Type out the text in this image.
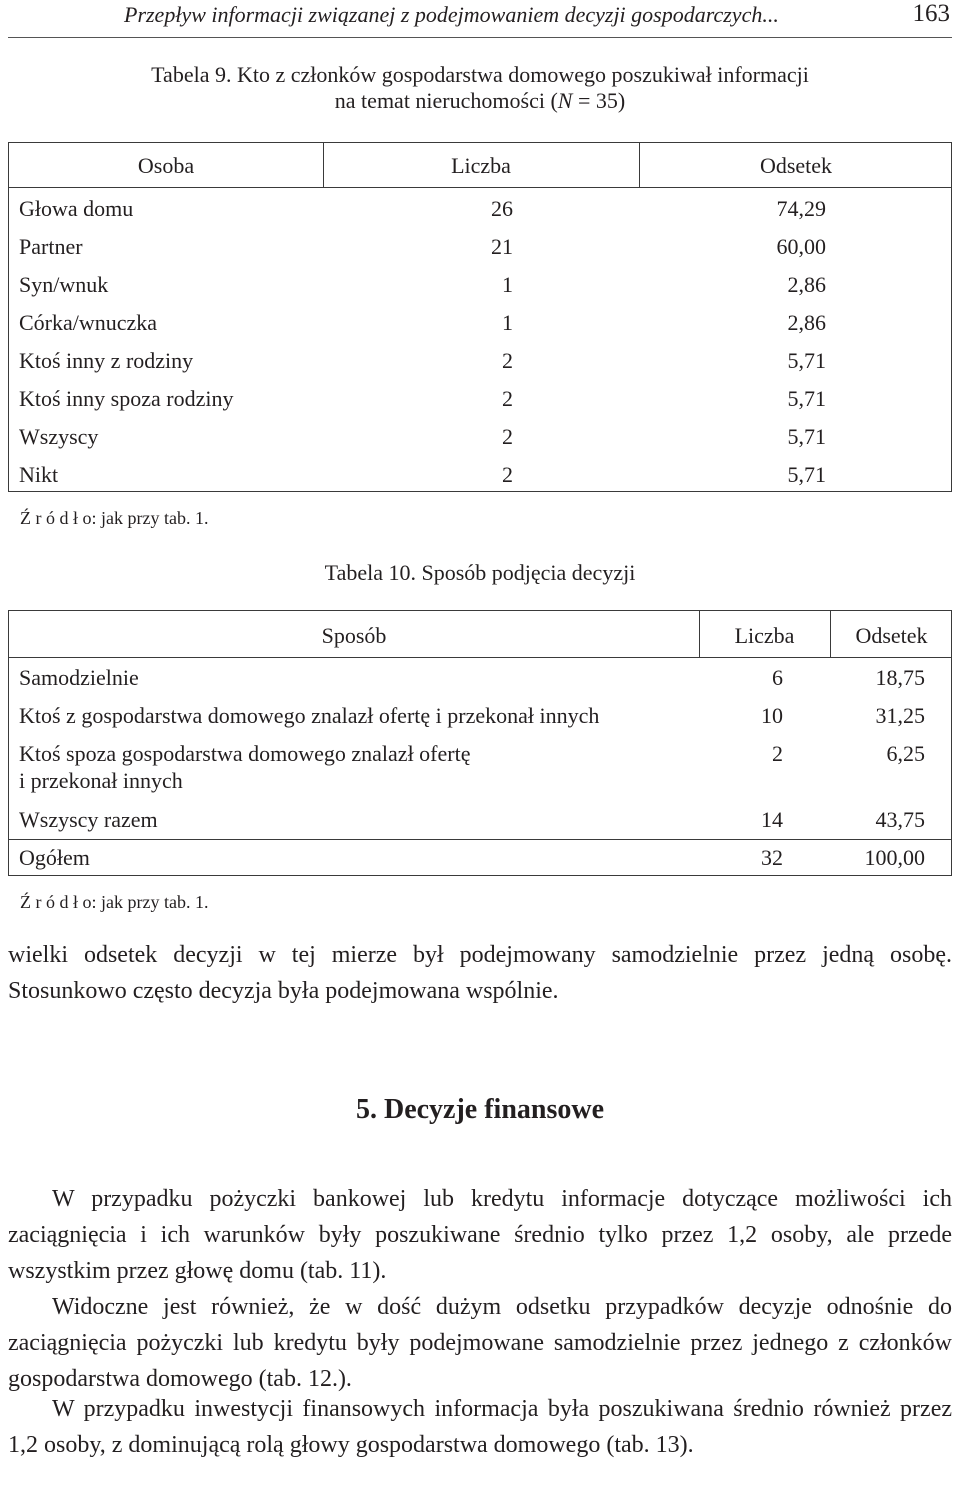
Przepływ informacji związanej z podejmowaniem decyzji gospodarczych...	163
Tabela 9. Kto z członków gospodarstwa domowego poszukiwał informacji
na temat nieruchomości (N = 35)
Osoba	Liczba	Odsetek
Głowa domu	26	74,29
Partner	21	60,00
Syn/wnuk	1	2,86
Córka/wnuczka	1	2,86
Ktoś inny z rodziny	2	5,71
Ktoś inny spoza rodziny	2	5,71
Wszyscy	2	5,71
Nikt	2	5,71
Ź r ó d ł o: jak przy tab. 1.
Tabela 10. Sposób podjęcia decyzji
Sposób	Liczba	Odsetek
Samodzielnie	6	18,75
Ktoś z gospodarstwa domowego znalazł ofertę i przekonał innych	10	31,25
Ktoś spoza gospodarstwa domowego znalazł ofertę	2	6,25
i przekonał innych
Wszyscy razem	14	43,75
Ogółem	32	100,00
Ź r ó d ł o: jak przy tab. 1.
wielki odsetek decyzji w tej mierze był podejmowany samodzielnie przez jedną osobę. Stosunkowo często decyzja była podejmowana wspólnie.
5. Decyzje finansowe
W przypadku pożyczki bankowej lub kredytu informacje dotyczące możliwości ich zaciągnięcia i ich warunków były poszukiwane średnio tylko przez 1,2 osoby, ale przede wszystkim przez głowę domu (tab. 11).
Widoczne jest również, że w dość dużym odsetku przypadków decyzje odnośnie do zaciągnięcia pożyczki lub kredytu były podejmowane samodzielnie przez jednego z członków gospodarstwa domowego (tab. 12.).
W przypadku inwestycji finansowych informacja była poszukiwana średnio również przez 1,2 osoby, z dominującą rolą głowy gospodarstwa domowego (tab. 13).
